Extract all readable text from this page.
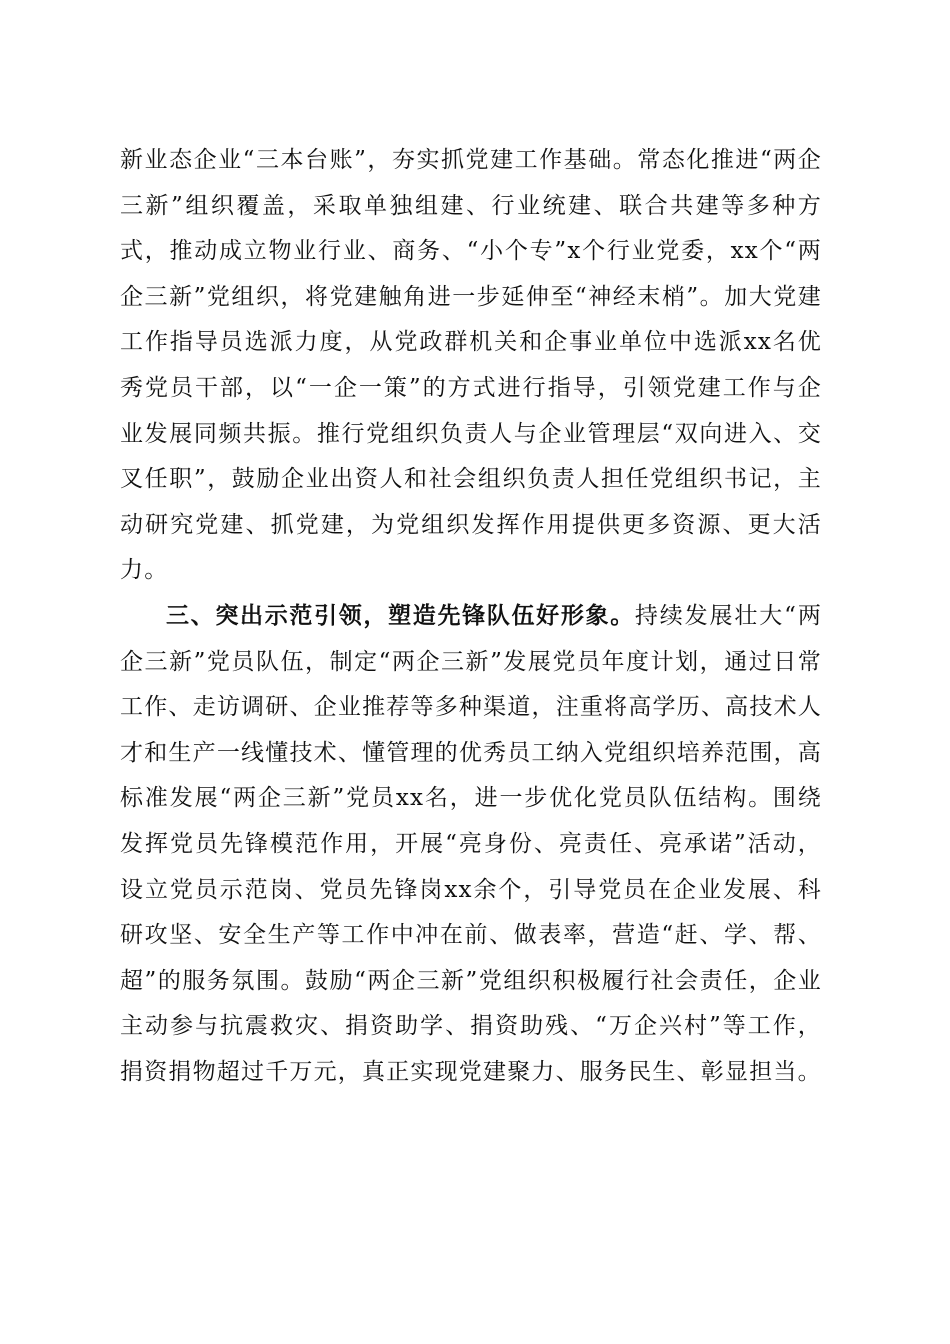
新业态企业“三本台账”，夯实抓党建工作基础。常态化推进“两企三新”组织覆盖，采取单独组建、行业统建、联合共建等多种方式，推动成立物业行业、商务、“小个专”x个行业党委，xx个“两企三新”党组织，将党建触角进一步延伸至“神经末梢”。加大党建工作指导员选派力度，从党政群机关和企事业单位中选派xx名优秀党员干部，以“一企一策”的方式进行指导，引领党建工作与企业发展同频共振。推行党组织负责人与企业管理层“双向进入、交叉任职”，鼓励企业出资人和社会组织负责人担任党组织书记，主动研究党建、抓党建，为党组织发挥作用提供更多资源、更大活力。

三、突出示范引领，塑造先锋队伍好形象。持续发展壮大“两企三新”党员队伍，制定“两企三新”发展党员年度计划，通过日常工作、走访调研、企业推荐等多种渠道，注重将高学历、高技术人才和生产一线懂技术、懂管理的优秀员工纳入党组织培养范围，高标准发展“两企三新”党员xx名，进一步优化党员队伍结构。围绕发挥党员先锋模范作用，开展“亮身份、亮责任、亮承诺”活动，设立党员示范岗、党员先锋岗xx余个，引导党员在企业发展、科研攻坚、安全生产等工作中冲在前、做表率，营造“赶、学、帮、超”的服务氛围。鼓励“两企三新”党组织积极履行社会责任，企业主动参与抗震救灾、捐资助学、捐资助残、“万企兴村”等工作，捐资捐物超过千万元，真正实现党建聚力、服务民生、彰显担当。
